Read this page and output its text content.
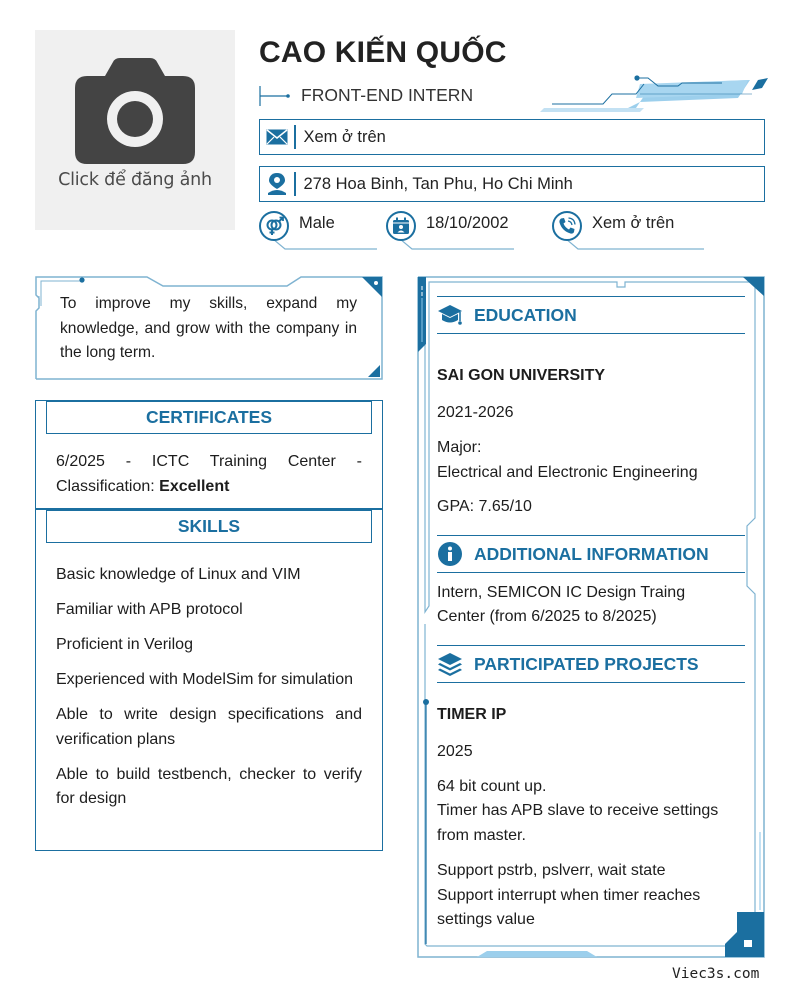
Click để đăng ảnh
CAO KIẾN QUỐC
FRONT-END INTERN
Xem ở trên
278 Hoa Binh, Tan Phu, Ho Chi Minh
Male	18/10/2002	Xem ở trên
To improve my skills, expand my knowledge, and grow with the company in the long term.
CERTIFICATES
6/2025 - ICTC Training Center -
Classification: Excellent
SKILLS
Basic knowledge of Linux and VIM
Familiar with APB protocol
Proficient in Verilog
Experienced with ModelSim for simulation
Able to write design specifications and verification plans
Able to build testbench, checker to verify for design
EDUCATION
SAI GON UNIVERSITY
2021-2026
Major:
Electrical and Electronic Engineering
GPA: 7.65/10
ADDITIONAL INFORMATION
Intern, SEMICON IC Design Traing
Center (from 6/2025 to 8/2025)
PARTICIPATED PROJECTS
TIMER IP
2025
64 bit count up.
Timer has APB slave to receive settings
from master.
Support pstrb, pslverr, wait state
Support interrupt when timer reaches
settings value
Viec3s.com
